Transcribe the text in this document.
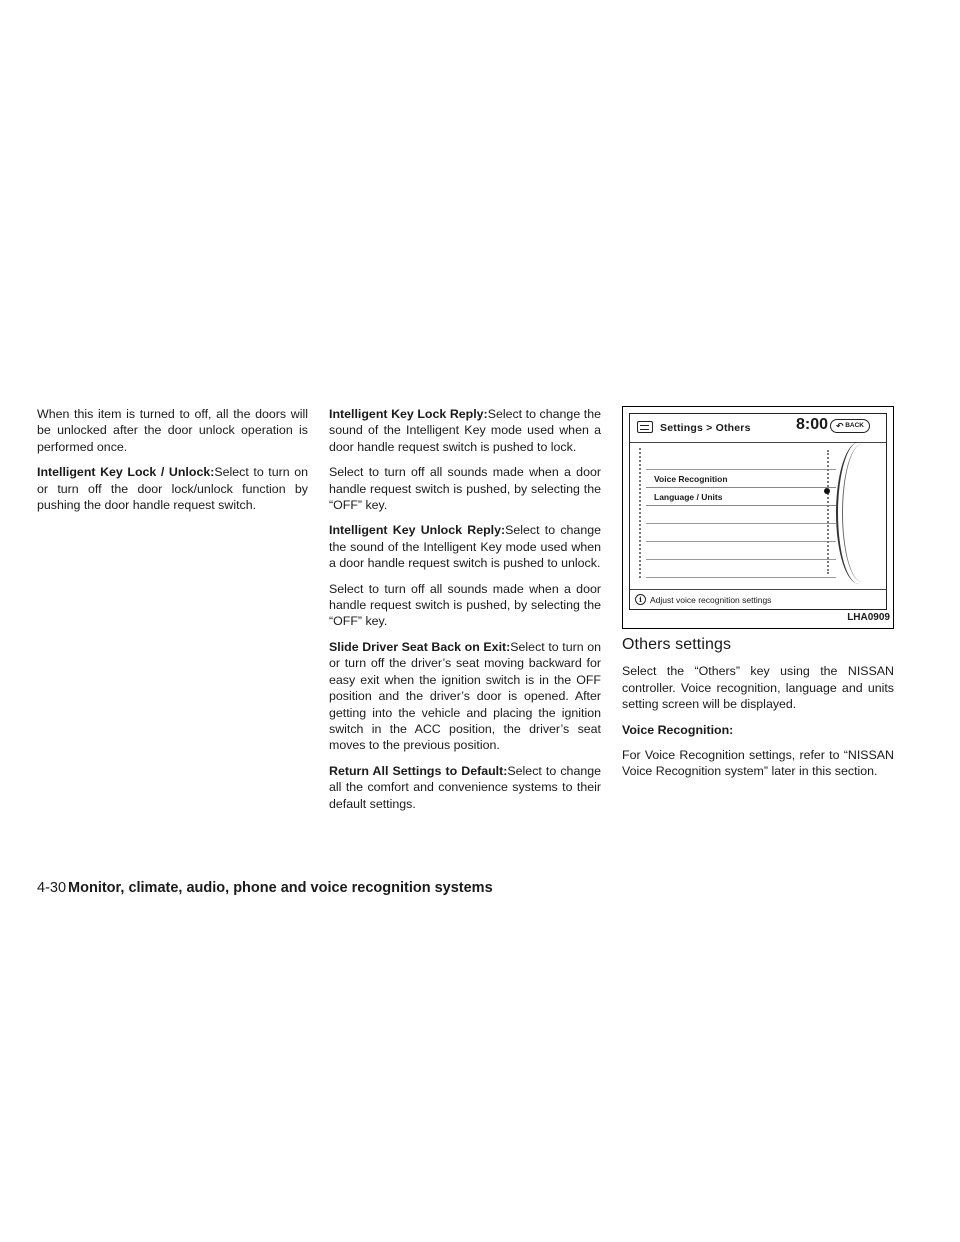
When this item is turned to off, all the doors will be unlocked after the door unlock operation is performed once.

Intelligent Key Lock / Unlock:Select to turn on or turn off the door lock/unlock function by pushing the door handle request switch.

Intelligent Key Lock Reply:Select to change the sound of the Intelligent Key mode used when a door handle request switch is pushed to lock.

Select to turn off all sounds made when a door handle request switch is pushed, by selecting the “OFF” key.

Intelligent Key Unlock Reply:Select to change the sound of the Intelligent Key mode used when a door handle request switch is pushed to unlock.

Select to turn off all sounds made when a door handle request switch is pushed, by selecting the “OFF” key.

Slide Driver Seat Back on Exit:Select to turn on or turn off the driver’s seat moving backward for easy exit when the ignition switch is in the OFF position and the driver’s door is opened. After getting into the vehicle and placing the ignition switch in the ACC position, the driver’s seat moves to the previous position.

Return All Settings to Default:Select to change all the comfort and convenience systems to their default settings.

Settings > Others	8:00 ↶ BACK
Voice Recognition
Language / Units
i Adjust voice recognition settings
LHA0909
Others settings

Select the “Others” key using the NISSAN controller. Voice recognition, language and units setting screen will be displayed.

Voice Recognition:

For Voice Recognition settings, refer to “NISSAN Voice Recognition system” later in this section.

4-30 Monitor, climate, audio, phone and voice recognition systems
